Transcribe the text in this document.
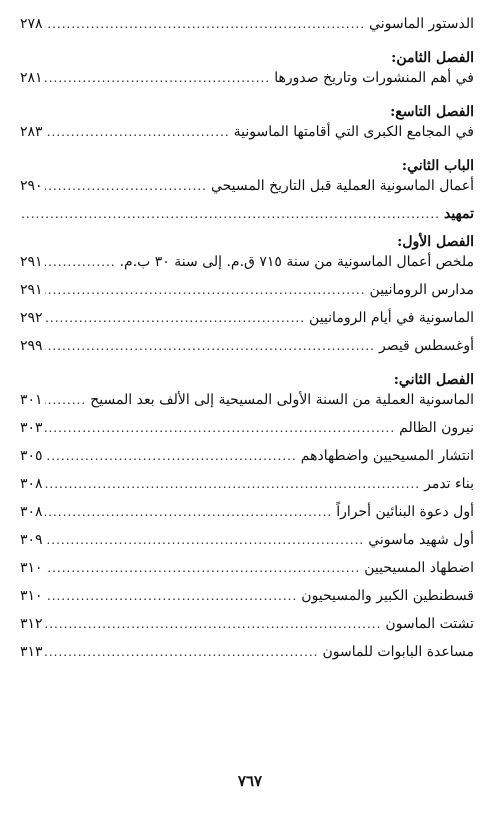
الدستور الماسوني
.....
٢٧٨
الفصل الثامن:
في أهم المنشورات وتاريخ صدورها
.....
٢٨١
الفصل التاسع:
في المجامع الكبرى التي أقامتها الماسونية
.....
٢٨٣
الباب الثاني:
أعمال الماسونية العملية قبل التاريخ المسيحي
.....
٢٩٠
تمهيد
.....
الفصل الأول:
ملخص أعمال الماسونية من سنة ٧١٥ ق.م. إلى سنة ٣٠ ب.م.
.....
٢٩١
مدارس الرومانيين
.....
٢٩١
الماسونية في أيام الرومانيين
.....
٢٩٢
أوغسطس قيصر
.....
٢٩٩
الفصل الثاني:
الماسونية العملية من السنة الأولى المسيحية إلى الألف بعد المسيح
.....
٣٠١
نيرون الظالم
.....
٣٠٣
انتشار المسيحيين واضطهادهم
.....
٣٠٥
بناء تدمر
.....
٣٠٨
أول دعوة البنائين أحراراً
.....
٣٠٨
أول شهيد ماسوني
.....
٣٠٩
اضطهاد المسيحيين
.....
٣١٠
قسطنطين الكبير والمسيحيون
.....
٣١٠
تشتت الماسون
.....
٣١٢
مساعدة البابوات للماسون
.....
٣١٣
٧٦٧
